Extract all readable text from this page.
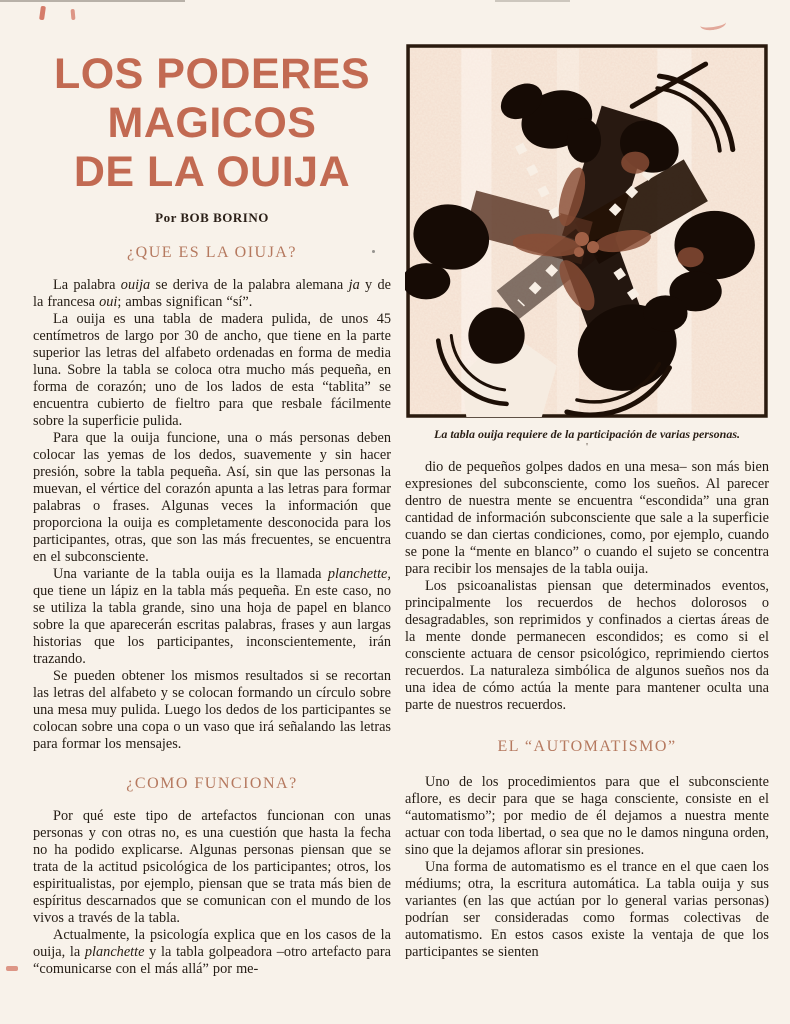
LOS PODERES
MAGICOS
DE LA OUIJA
Por BOB BORINO
¿QUE ES LA OIUJA?

La palabra ouija se deriva de la palabra alemana ja y de la francesa oui; ambas significan “sí”.

La ouija es una tabla de madera pulida, de unos 45 centímetros de largo por 30 de ancho, que tiene en la parte superior las letras del alfabeto ordenadas en forma de media luna. Sobre la tabla se coloca otra mucho más pequeña, en forma de corazón; uno de los lados de esta “tablita” se encuentra cubierto de fieltro para que resbale fácilmente sobre la superficie pulida.

Para que la ouija funcione, una o más personas deben colocar las yemas de los dedos, suavemente y sin hacer presión, sobre la tabla pequeña. Así, sin que las personas la muevan, el vértice del corazón apunta a las letras para formar palabras o frases. Algunas veces la información que proporciona la ouija es completamente desconocida para los participantes, otras, que son las más frecuentes, se encuentra en el subconsciente.

Una variante de la tabla ouija es la llamada planchette, que tiene un lápiz en la tabla más pequeña. En este caso, no se utiliza la tabla grande, sino una hoja de papel en blanco sobre la que aparecerán escritas palabras, frases y aun largas historias que los participantes, inconscientemente, irán trazando.

Se pueden obtener los mismos resultados si se recortan las letras del alfabeto y se colocan formando un círculo sobre una mesa muy pulida. Luego los dedos de los participantes se colocan sobre una copa o un vaso que irá señalando las letras para formar los mensajes.

¿COMO FUNCIONA?

Por qué este tipo de artefactos funcionan con unas personas y con otras no, es una cuestión que hasta la fecha no ha podido explicarse. Algunas personas piensan que se trata de la actitud psicológica de los participantes; otros, los espiritualistas, por ejemplo, piensan que se trata más bien de espíritus descarnados que se comunican con el mundo de los vivos a través de la tabla.

Actualmente, la psicología explica que en los casos de la ouija, la planchette y la tabla golpeadora –otro artefacto para “comunicarse con el más allá” por me-

La tabla ouija requiere de la participación de varias personas.
'

dio de pequeños golpes dados en una mesa– son más bien expresiones del subconsciente, como los sueños. Al parecer dentro de nuestra mente se encuentra “escondida” una gran cantidad de información subconsciente que sale a la superficie cuando se dan ciertas condiciones, como, por ejemplo, cuando se pone la “mente en blanco” o cuando el sujeto se concentra para recibir los mensajes de la tabla ouija.

Los psicoanalistas piensan que determinados eventos, principalmente los recuerdos de hechos dolorosos o desagradables, son reprimidos y confinados a ciertas áreas de la mente donde permanecen escondidos; es como si el consciente actuara de censor psicológico, reprimiendo ciertos recuerdos. La naturaleza simbólica de algunos sueños nos da una idea de cómo actúa la mente para mantener oculta una parte de nuestros recuerdos.

EL “AUTOMATISMO”

Uno de los procedimientos para que el subconsciente aflore, es decir para que se haga consciente, consiste en el “automatismo”; por medio de él dejamos a nuestra mente actuar con toda libertad, o sea que no le damos ninguna orden, sino que la dejamos aflorar sin presiones.

Una forma de automatismo es el trance en el que caen los médiums; otra, la escritura automática. La tabla ouija y sus variantes (en las que actúan por lo general varias personas) podrían ser consideradas como formas colectivas de automatismo. En estos casos existe la ventaja de que los participantes se sienten
